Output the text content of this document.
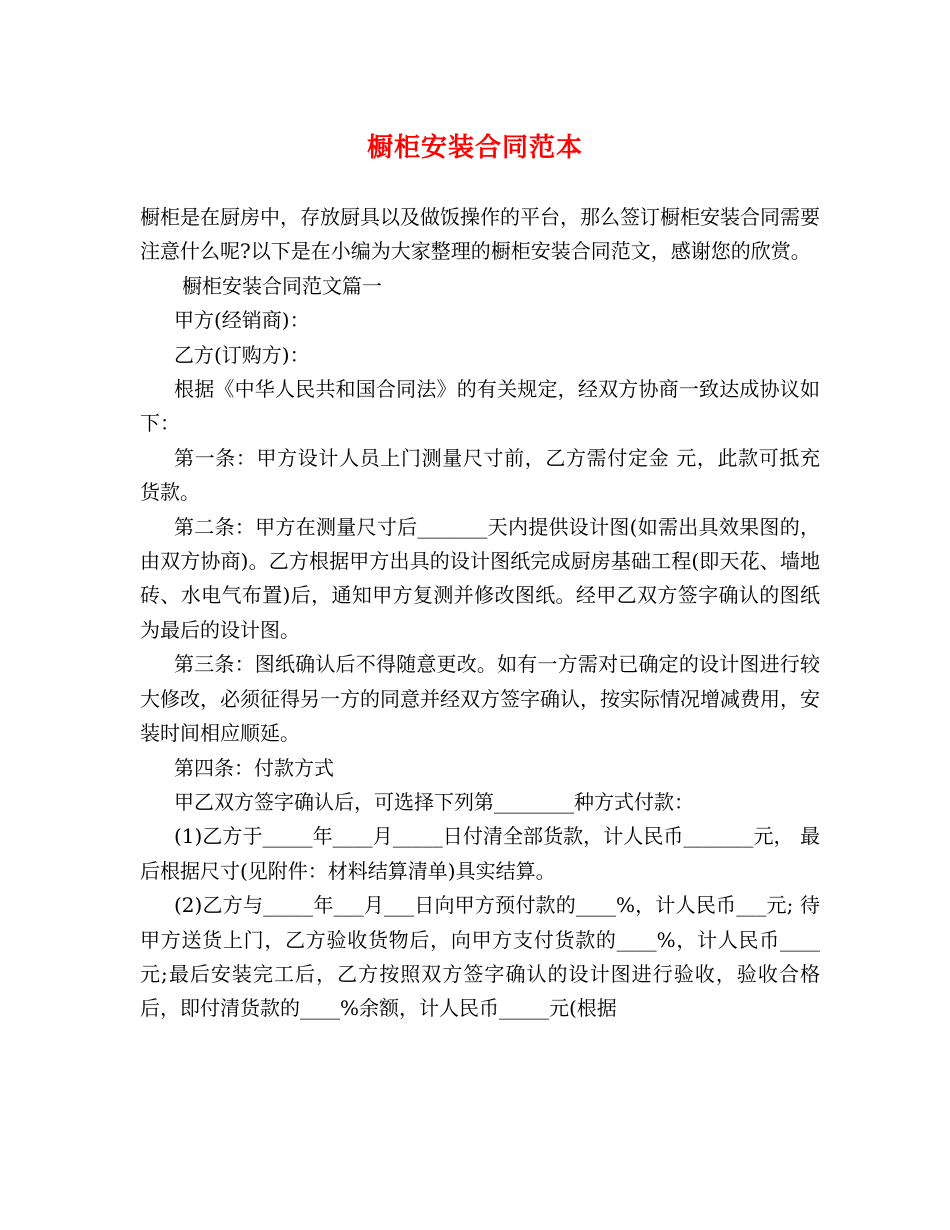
橱柜安装合同范本

橱柜是在厨房中，存放厨具以及做饭操作的平台，那么签订橱柜安装合同需要注意什么呢?以下是在小编为大家整理的橱柜安装合同范文，感谢您的欣赏。

橱柜安装合同范文篇一

甲方(经销商)：

乙方(订购方)：

根据《中华人民共和国合同法》的有关规定，经双方协商一致达成协议如下：

第一条：甲方设计人员上门测量尺寸前，乙方需付定金 元，此款可抵充货款。

第二条：甲方在测量尺寸后_______天内提供设计图(如需出具效果图的，由双方协商)。乙方根据甲方出具的设计图纸完成厨房基础工程(即天花、墙地砖、水电气布置)后，通知甲方复测并修改图纸。经甲乙双方签字确认的图纸为最后的设计图。

第三条：图纸确认后不得随意更改。如有一方需对已确定的设计图进行较大修改，必须征得另一方的同意并经双方签字确认，按实际情况增减费用，安装时间相应顺延。

第四条：付款方式

甲乙双方签字确认后，可选择下列第________种方式付款：

(1)乙方于_____年____月_____日付清全部货款，计人民币_______元， 最后根据尺寸(见附件：材料结算清单)具实结算。

(2)乙方与_____年___月___日向甲方预付款的____%，计人民币___元; 待甲方送货上门，乙方验收货物后，向甲方支付货款的____%，计人民币____元;最后安装完工后，乙方按照双方签字确认的设计图进行验收，验收合格后，即付清货款的____%余额，计人民币_____元(根据
